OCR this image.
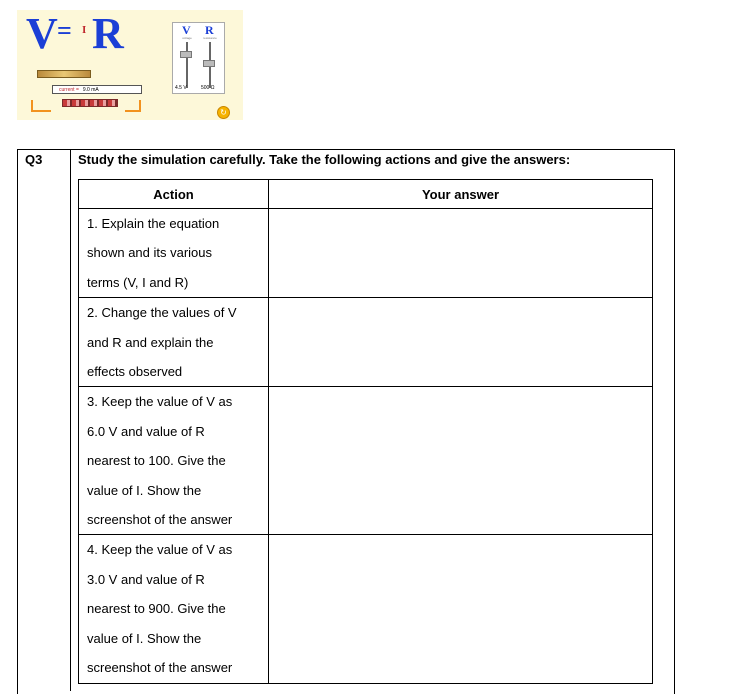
V = I R	V R
voltage	resistance
4.5 V	500 Ω
current = 9.0 mA
↻
Q3	Study the simulation carefully. Take the following actions and give the answers:
Action	Your answer

1. Explain the equation
shown and its various
terms (V, I and R)	

2. Change the values of V
and R and explain the
effects observed	

3. Keep the value of V as
6.0 V and value of R
nearest to 100. Give the
value of I. Show the
screenshot of the answer	

4. Keep the value of V as
3.0 V and value of R
nearest to 900. Give the
value of I. Show the
screenshot of the answer	
